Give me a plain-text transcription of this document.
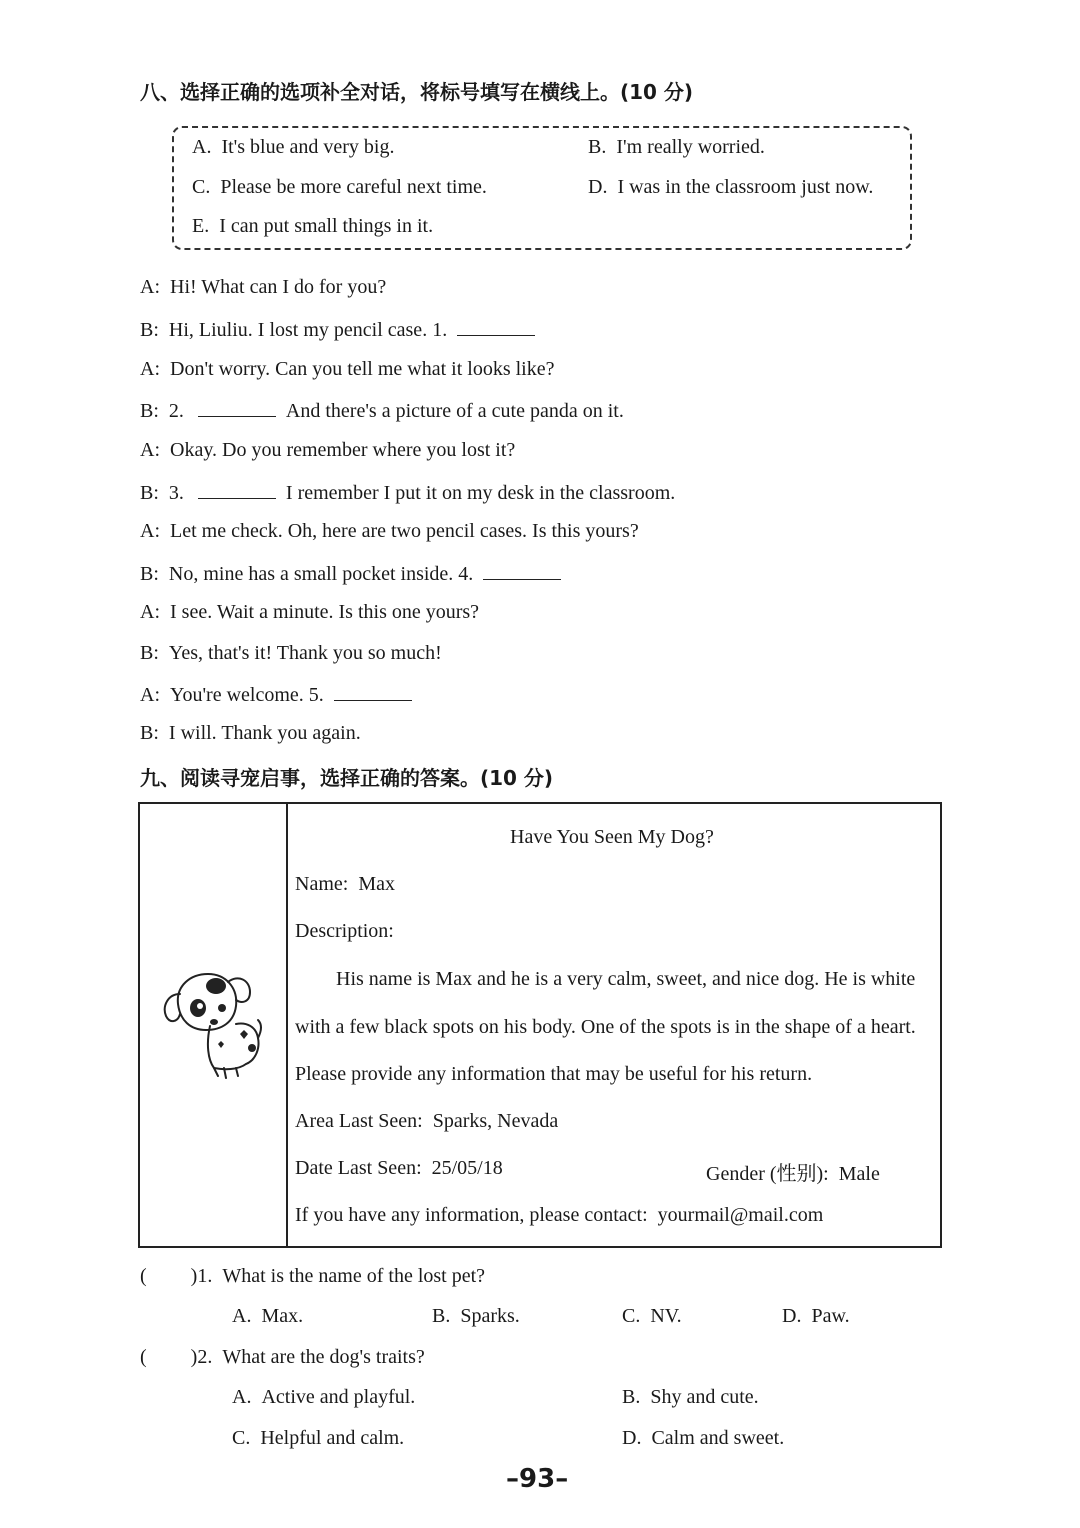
八、选择正确的选项补全对话，将标号填写在横线上。(10 分)
A. It's blue and very big.	B. I'm really worried.
C. Please be more careful next time.	D. I was in the classroom just now.
E. I can put small things in it.
A: Hi! What can I do for you?
B: Hi, Liuliu. I lost my pencil case. 1.
A: Don't worry. Can you tell me what it looks like?
B: 2.	And there's a picture of a cute panda on it.
A: Okay. Do you remember where you lost it?
B: 3.	I remember I put it on my desk in the classroom.
A: Let me check. Oh, here are two pencil cases. Is this yours?
B: No, mine has a small pocket inside. 4.
A: I see. Wait a minute. Is this one yours?
B: Yes, that's it! Thank you so much!
A: You're welcome. 5.
B: I will. Thank you again.
九、阅读寻宠启事，选择正确的答案。(10 分)
Have You Seen My Dog?
Name: Max
Description:
His name is Max and he is a very calm, sweet, and nice dog. He is white
with a few black spots on his body. One of the spots is in the shape of a heart.
Please provide any information that may be useful for his return.
Area Last Seen: Sparks, Nevada
Date Last Seen: 25/05/18	Gender (性别): Male
If you have any information, please contact: yourmail@mail.com
( )1. What is the name of the lost pet?
A. Max.	B. Sparks.	C. NV.	D. Paw.
( )2. What are the dog's traits?
A. Active and playful.	B. Shy and cute.
C. Helpful and calm.	D. Calm and sweet.
–93–
